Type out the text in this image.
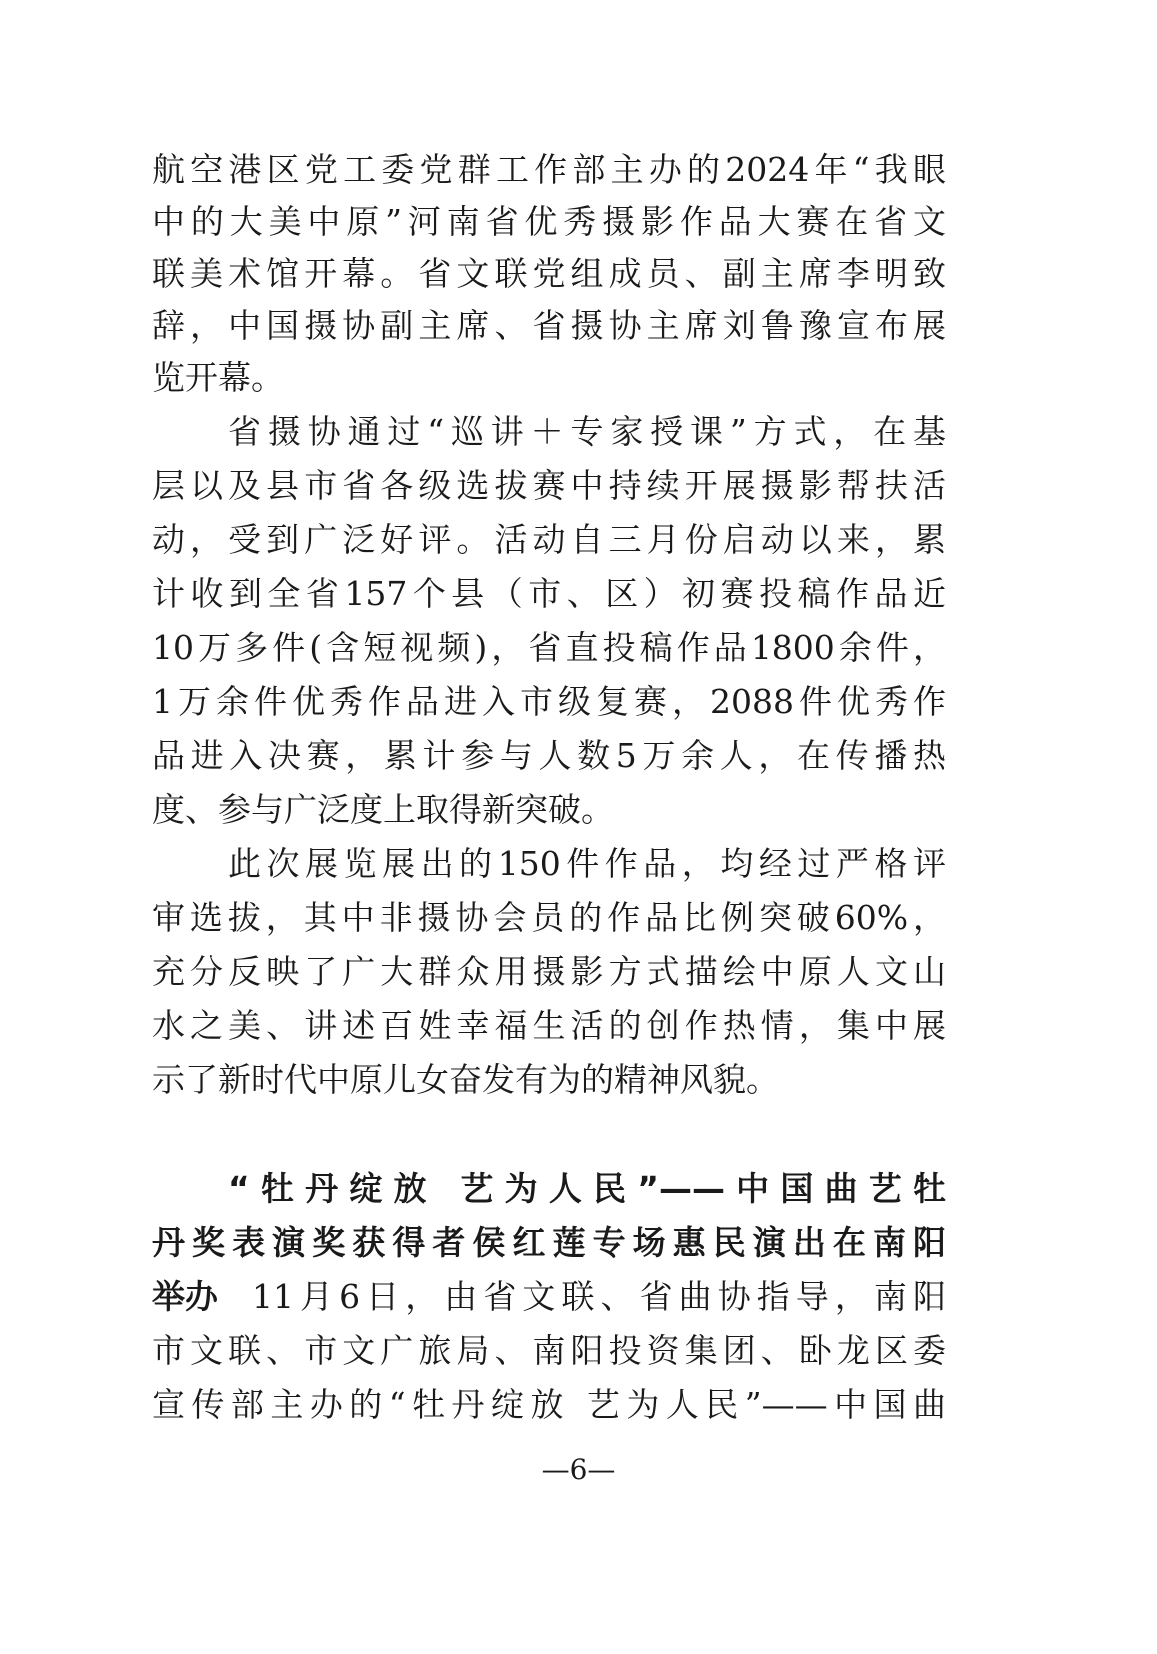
航空港区党工委党群工作部主办的2024年“我眼
中的大美中原”河南省优秀摄影作品大赛在省文
联美术馆开幕。省文联党组成员、副主席李明致
辞，中国摄协副主席、省摄协主席刘鲁豫宣布展
览开幕。
省摄协通过“巡讲＋专家授课”方式，在基
层以及县市省各级选拔赛中持续开展摄影帮扶活
动，受到广泛好评。活动自三月份启动以来，累
计收到全省157个县（市、区）初赛投稿作品近
10万多件(含短视频)，省直投稿作品1800余件，
1万余件优秀作品进入市级复赛，2088件优秀作
品进入决赛，累计参与人数5万余人，在传播热
度、参与广泛度上取得新突破。
此次展览展出的150件作品，均经过严格评
审选拔，其中非摄协会员的作品比例突破60%，
充分反映了广大群众用摄影方式描绘中原人文山
水之美、讲述百姓幸福生活的创作热情，集中展
示了新时代中原儿女奋发有为的精神风貌。
“牡丹绽放 艺为人民”——中国曲艺牡
丹奖表演奖获得者侯红莲专场惠民演出在南阳
举办 11月6日，由省文联、省曲协指导，南阳
市文联、市文广旅局、南阳投资集团、卧龙区委
宣传部主办的“牡丹绽放 艺为人民”——中国曲
—6—
